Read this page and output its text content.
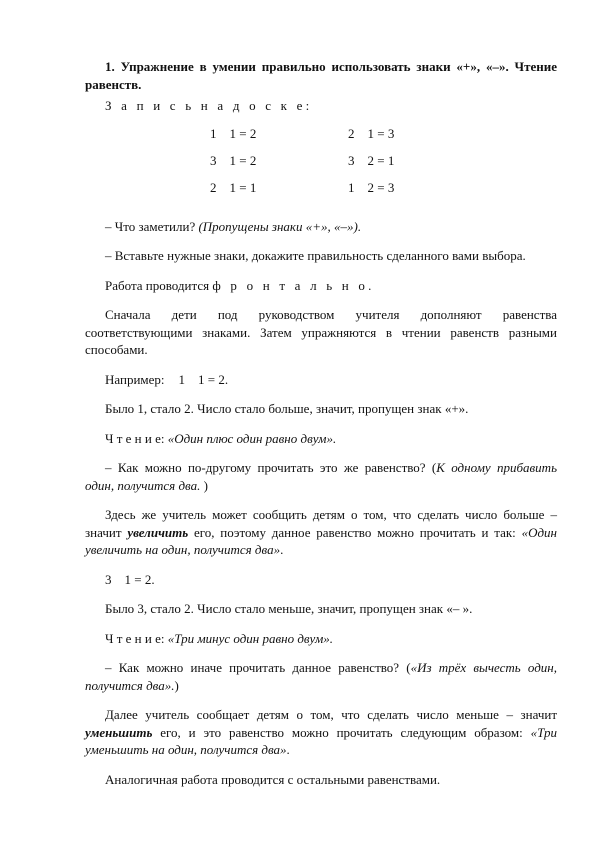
1. Упражнение в умении правильно использовать знаки «+», «–». Чтение равенств.

З а п и с ь н а д о с к е:
1    1 = 2	2    1 = 3
3    1 = 2	3    2 = 1
2    1 = 1	1    2 = 3

– Что заметили? (Пропущены знаки «+», «–»).

– Вставьте нужные знаки, докажите правильность сделанного вами выбора.

Работа проводится ф р о н т а л ь н о.

Сначала дети под руководством учителя дополняют равенства соответствующими знаками. Затем упражняются в чтении равенств разными способами.

Например: 1    1 = 2.

Было 1, стало 2. Число стало больше, значит, пропущен знак «+».

Ч т е н и е: «Один плюс один равно двум».

– Как можно по-другому прочитать это же равенство? (К одному прибавить один, получится два. )

Здесь же учитель может сообщить детям о том, что сделать число больше – значит увеличить его, поэтому данное равенство можно прочитать и так: «Один увеличить на один, получится два».

3    1 = 2.

Было 3, стало 2. Число стало меньше, значит, пропущен знак «– ».

Ч т е н и е: «Три минус один равно двум».

– Как можно иначе прочитать данное равенство? («Из трёх вычесть один, получится два».)

Далее учитель сообщает детям о том, что сделать число меньше – значит уменьшить его, и это равенство можно прочитать следующим образом: «Три уменьшить на один, получится два».

Аналогичная работа проводится с остальными равенствами.
